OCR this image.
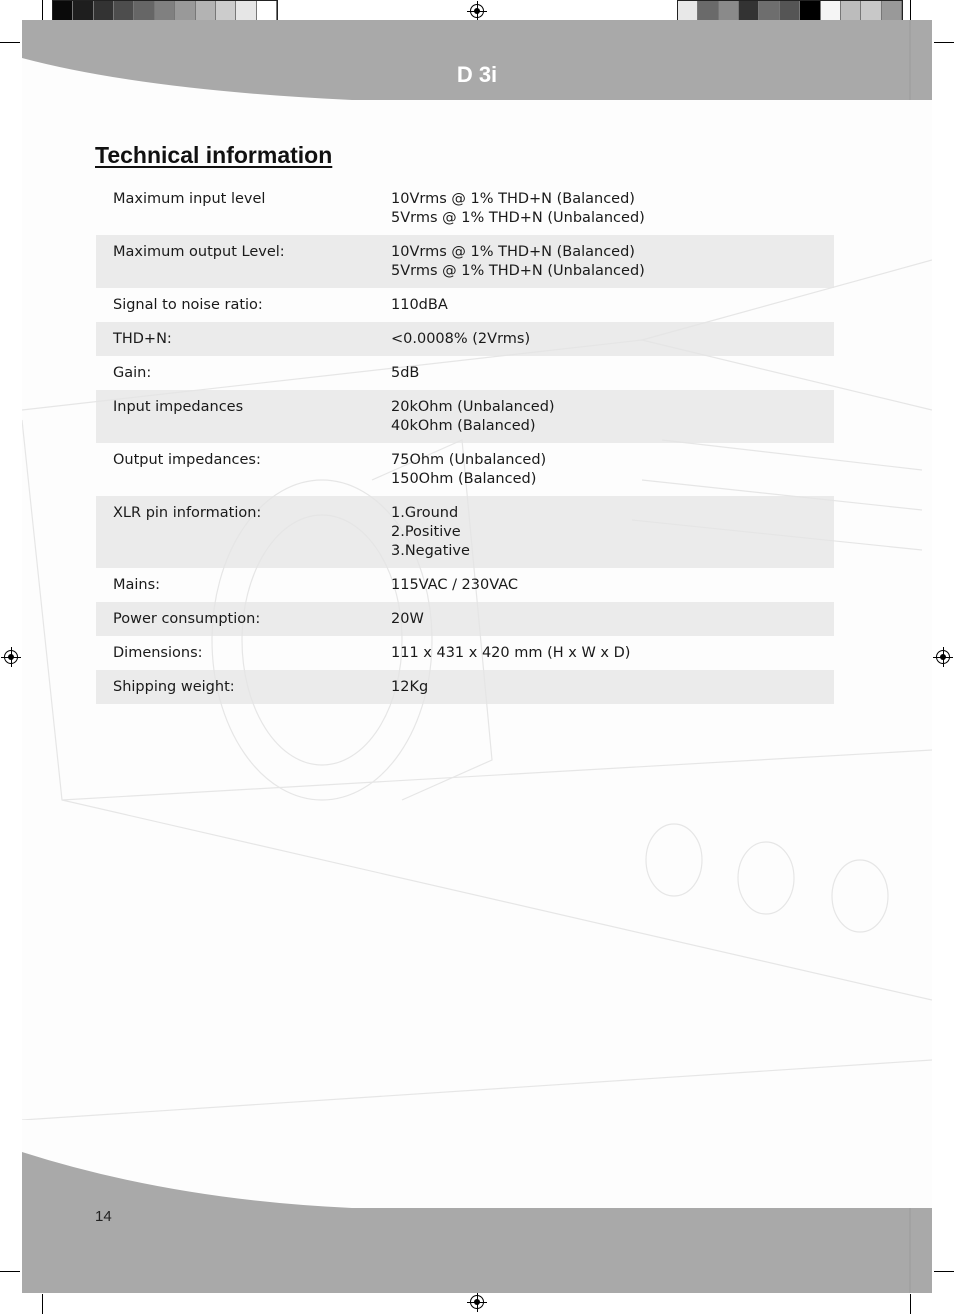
D 3i
Technical information
Maximum input level	10Vrms @ 1% THD+N (Balanced)
5Vrms @ 1% THD+N (Unbalanced)
Maximum output Level:	10Vrms @ 1% THD+N (Balanced)
5Vrms @ 1% THD+N (Unbalanced)
Signal to noise ratio:	110dBA
THD+N:	<0.0008% (2Vrms)
Gain:	5dB
Input impedances	20kOhm (Unbalanced)
40kOhm (Balanced)
Output impedances:	75Ohm (Unbalanced)
150Ohm (Balanced)
XLR pin information:	1.Ground
2.Positive
3.Negative
Mains:	115VAC / 230VAC
Power consumption:	20W
Dimensions:	111 x 431 x 420 mm (H x W x D)
Shipping weight:	12Kg
14
